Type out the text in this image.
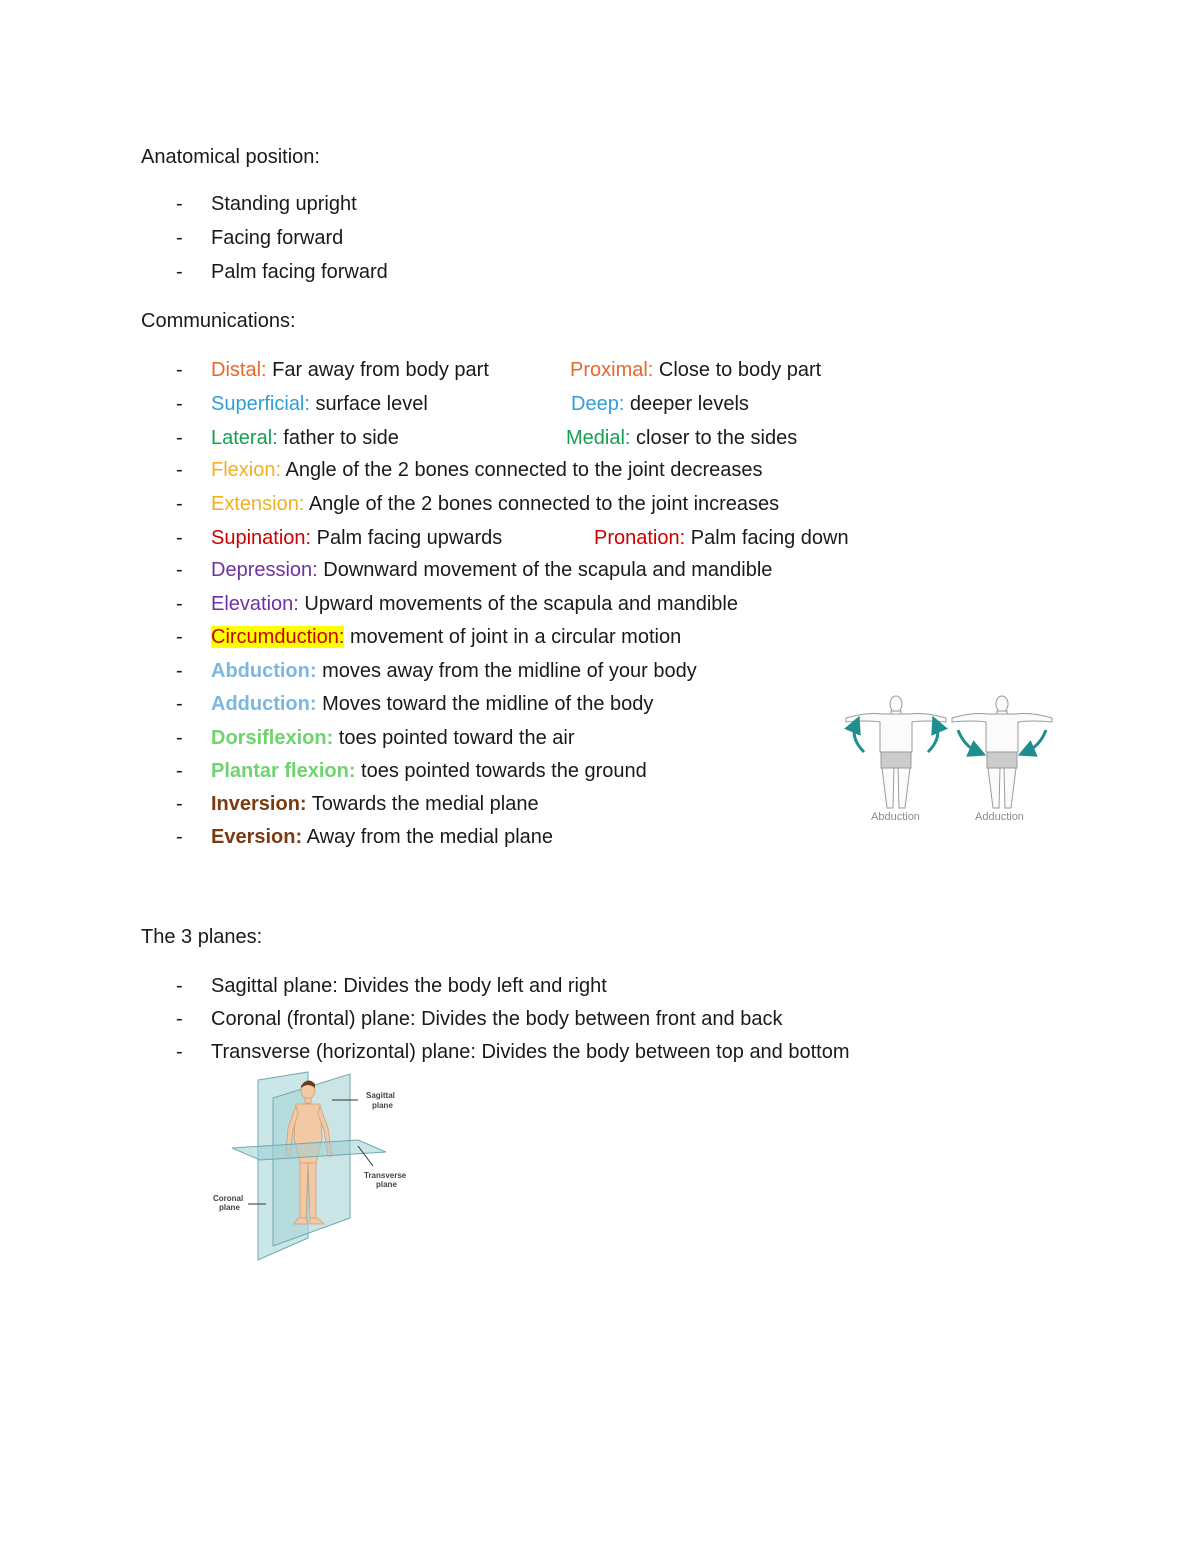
Anatomical position:
- Standing upright
- Facing forward
- Palm facing forward
Communications:
- Distal: Far away from body part	Proximal: Close to body part
- Superficial: surface level	Deep: deeper levels
- Lateral: father to side	Medial: closer to the sides
- Flexion: Angle of the 2 bones connected to the joint decreases
- Extension: Angle of the 2 bones connected to the joint increases
- Supination: Palm facing upwards	Pronation: Palm facing down
- Depression: Downward movement of the scapula and mandible
- Elevation: Upward movements of the scapula and mandible
- Circumduction: movement of joint in a circular motion
- Abduction: moves away from the midline of your body
- Adduction: Moves toward the midline of the body
- Dorsiflexion: toes pointed toward the air
- Plantar flexion: toes pointed towards the ground
- Inversion: Towards the medial plane
- Eversion: Away from the medial plane
Abduction	Adduction
The 3 planes:
- Sagittal plane: Divides the body left and right
- Coronal (frontal) plane: Divides the body between front and back
- Transverse (horizontal) plane: Divides the body between top and bottom
Sagittal
plane
Transverse
plane
Coronal
plane
